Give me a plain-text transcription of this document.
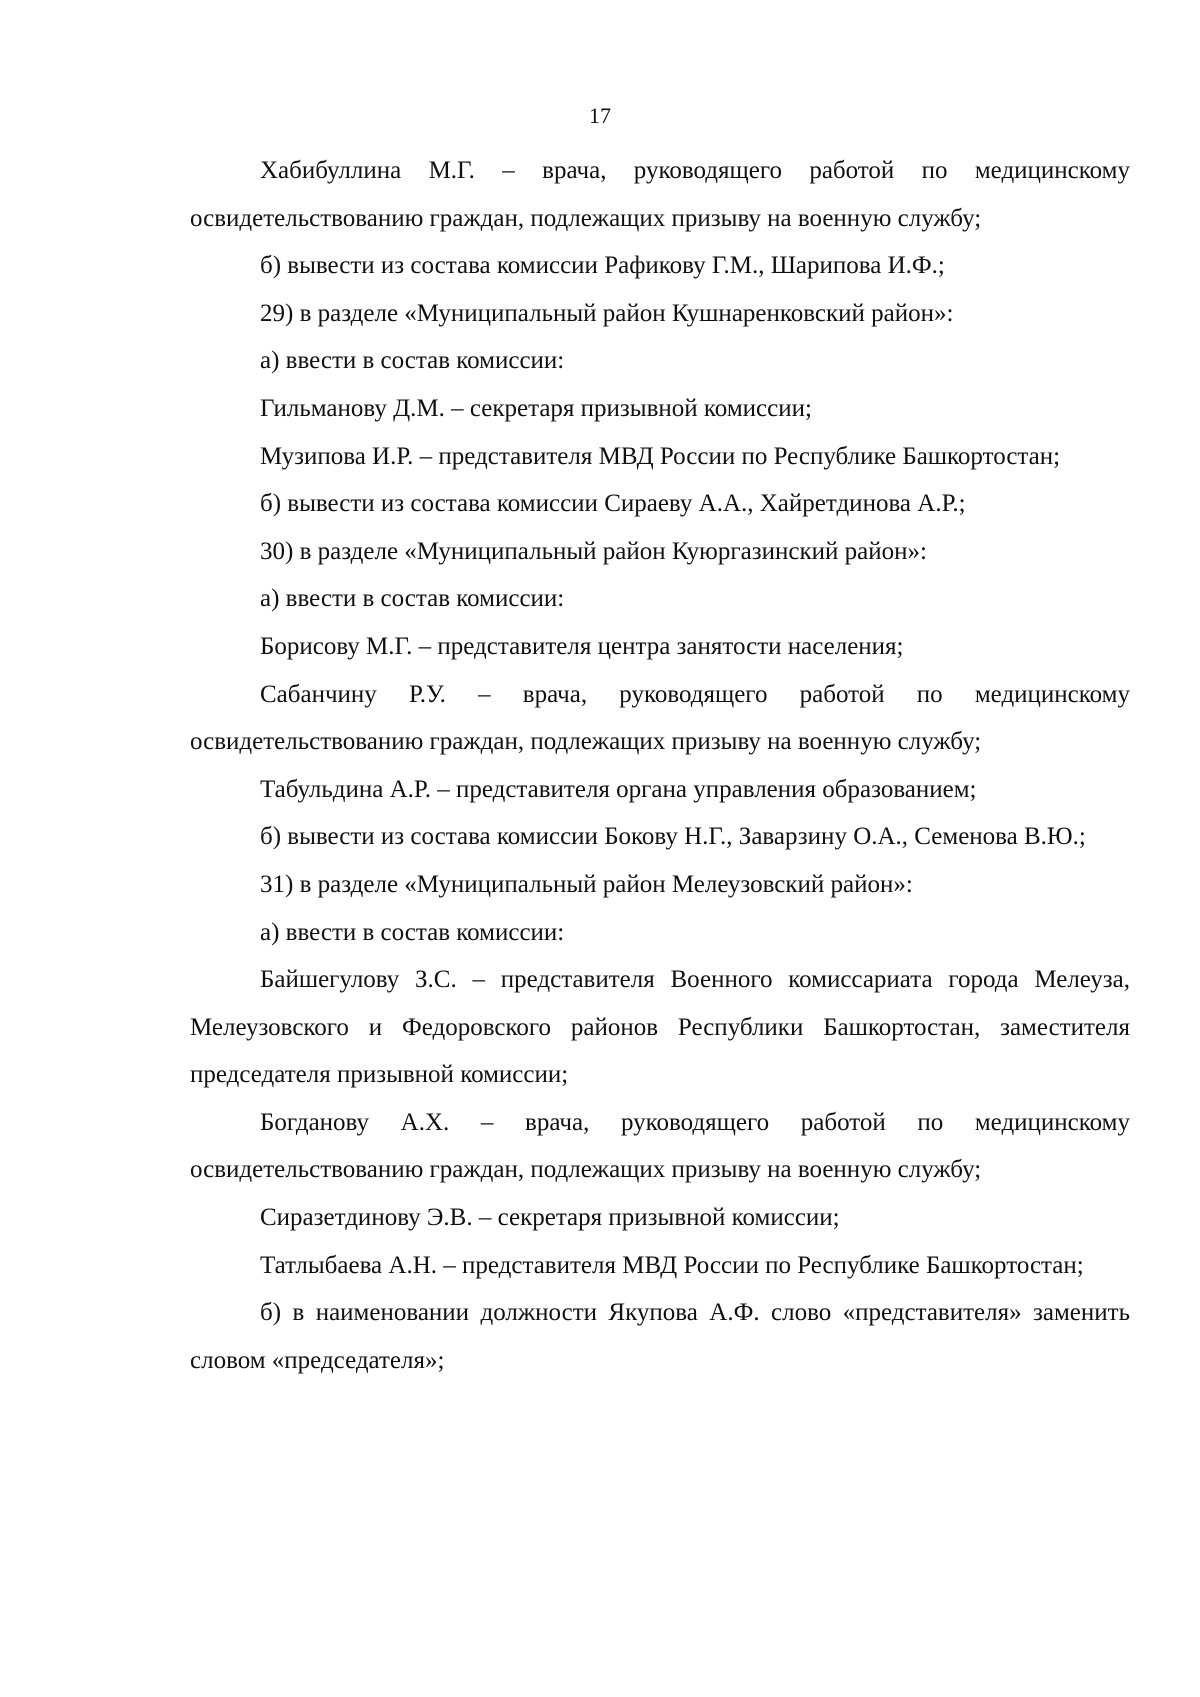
17

Хабибуллина М.Г. – врача, руководящего работой по медицинскому освидетельствованию граждан, подлежащих призыву на военную службу;

б) вывести из состава комиссии Рафикову Г.М., Шарипова И.Ф.;

29) в разделе «Муниципальный район Кушнаренковский район»:

а) ввести в состав комиссии:

Гильманову Д.М. – секретаря призывной комиссии;

Музипова И.Р. – представителя МВД России по Республике Башкортостан;

б) вывести из состава комиссии Сираеву А.А., Хайретдинова А.Р.;

30) в разделе «Муниципальный район Куюргазинский район»:

а) ввести в состав комиссии:

Борисову М.Г. – представителя центра занятости населения;

Сабанчину Р.У. – врача, руководящего работой по медицинскому освидетельствованию граждан, подлежащих призыву на военную службу;

Табульдина А.Р. – представителя органа управления образованием;

б) вывести из состава комиссии Бокову Н.Г., Заварзину О.А., Семенова В.Ю.;

31) в разделе «Муниципальный район Мелеузовский район»:

а) ввести в состав комиссии:

Байшегулову З.С. – представителя Военного комиссариата города Мелеуза, Мелеузовского и Федоровского районов Республики Башкортостан, заместителя председателя призывной комиссии;

Богданову А.Х. – врача, руководящего работой по медицинскому освидетельствованию граждан, подлежащих призыву на военную службу;

Сиразетдинову Э.В. – секретаря призывной комиссии;

Татлыбаева А.Н. – представителя МВД России по Республике Башкортостан;

б) в наименовании должности Якупова А.Ф. слово «представителя» заменить словом «председателя»;
